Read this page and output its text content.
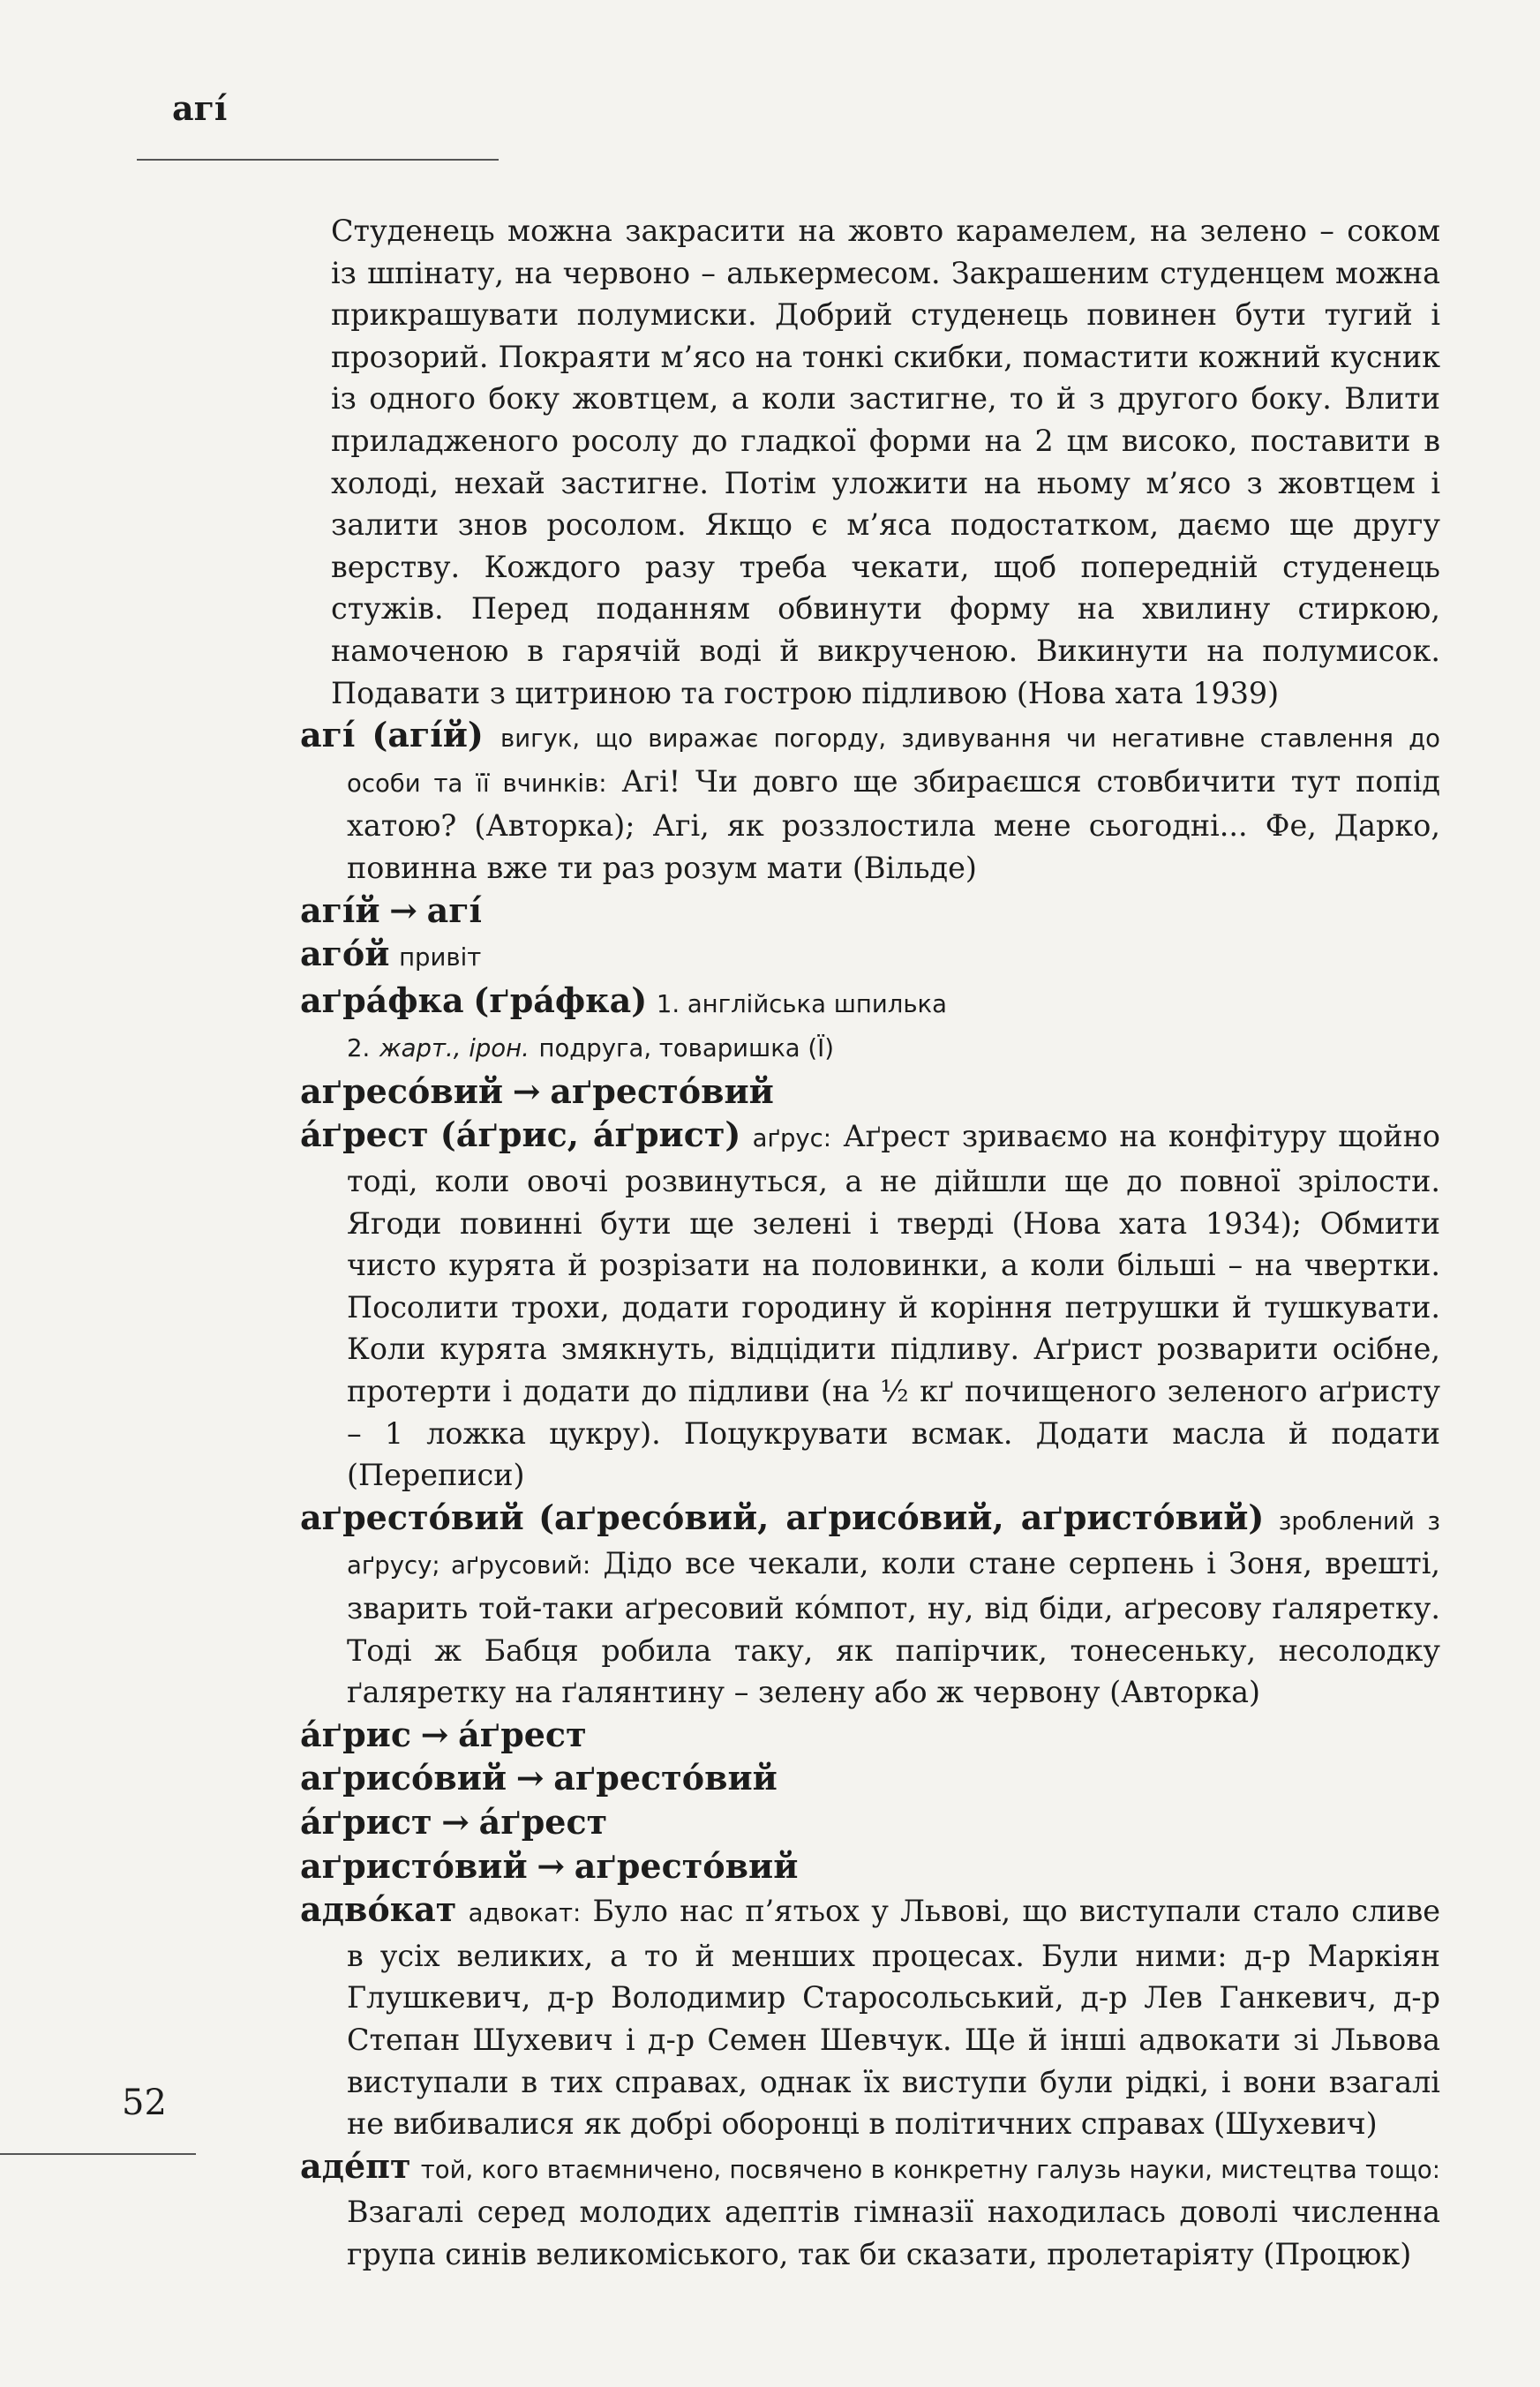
агі́

Студенець можна закрасити на жовто карамелем, на зелено – соком із шпінату, на червоно – алькермесом. Закрашеним студенцем можна прикрашувати полумиски. Добрий студенець повинен бути тугий і прозорий. Покраяти м’ясо на тонкі скибки, помастити кожний кусник із одного боку жовтцем, а коли застигне, то й з другого боку. Влити приладженого росолу до гладкої форми на 2 цм високо, поставити в холоді, нехай застигне. Потім уложити на ньому м’ясо з жовтцем і залити знов росолом. Якщо є м’яса подостатком, даємо ще другу верству. Кождого разу треба чекати, щоб попередній студенець стужів. Перед поданням обвинути форму на хвилину стиркою, намоченою в гарячій воді й викрученою. Викинути на полумисок. Подавати з цитриною та гострою підливою (Нова хата 1939)

агі́ (агі́й) вигук, що виражає погорду, здивування чи негативне ставлення до особи та її вчинків: Агі! Чи довго ще збираєшся стовбичити тут попід хатою? (Авторка); Агі, як роззлостила мене сьогодні... Фе, Дарко, повинна вже ти раз розум мати (Вільде)

агі́й → агі́

аго́й привіт

аґра́фка (ґра́фка) 1. англійська шпилька
2. жарт., ірон. подруга, товаришка (Ї)

аґресо́вий → аґресто́вий

а́ґрест (а́ґрис, а́ґрист) аґрус: Аґрест зриваємо на конфітуру щойно тоді, коли овочі розвинуться, а не дійшли ще до повної зрілости. Ягоди повинні бути ще зелені і тверді (Нова хата 1934); Обмити чисто курята й розрізати на половинки, а коли більші – на чвертки. Посолити трохи, додати городину й коріння петрушки й тушкувати. Коли курята змякнуть, відцідити підливу. Аґрист розварити осібне, протерти і додати до підливи (на ½ кґ почищеного зеленого аґристу – 1 ложка цукру). Поцукрувати всмак. Додати масла й подати (Переписи)

аґресто́вий (аґресо́вий, аґрисо́вий, аґристо́вий) зроблений з аґрусу; аґрусовий: Дідо все чекали, коли стане серпень і Зоня, врешті, зварить той-таки аґресовий ко́мпот, ну, від біди, аґресову ґаляретку. Тоді ж Бабця робила таку, як папірчик, тонесеньку, несолодку ґаляретку на ґалянтину – зелену або ж червону (Авторка)

а́ґрис → а́ґрест

аґрисо́вий → аґресто́вий

а́ґрист → а́ґрест

аґристо́вий → аґресто́вий

адво́кат адвокат: Було нас п’ятьох у Львові, що виступали стало сливе в усіх великих, а то й менших процесах. Були ними: д-р Маркіян Глушкевич, д-р Володимир Старосольський, д-р Лев Ганкевич, д-р Степан Шухевич і д-р Семен Шевчук. Ще й інші адвокати зі Львова виступали в тих справах, однак їх виступи були рідкі, і вони взагалі не вибивалися як добрі оборонці в політичних справах (Шухевич)

аде́пт той, кого втаємничено, посвячено в конкретну галузь науки, мистецтва тощо: Взагалі серед молодих адептів гімназії находилась доволі численна група синів великоміського, так би сказати, пролетаріяту (Процюк)

52
